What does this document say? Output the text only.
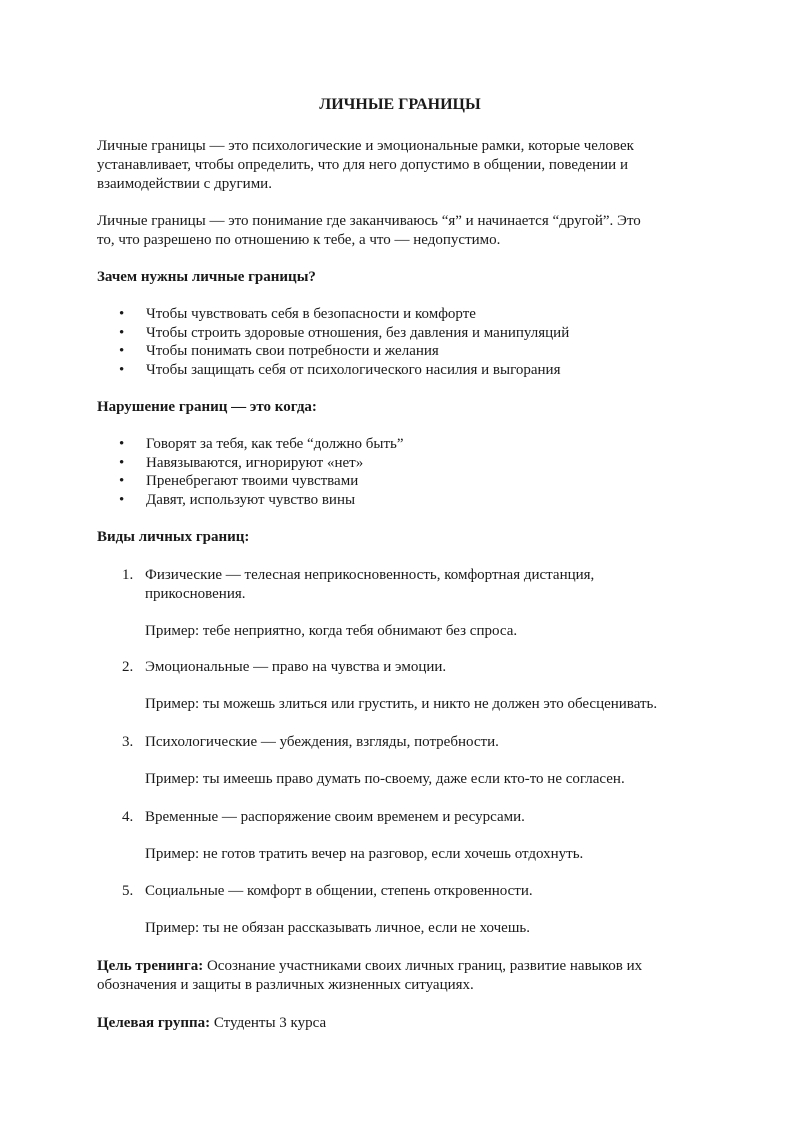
ЛИЧНЫЕ ГРАНИЦЫ
Личные границы — это психологические и эмоциональные рамки, которые человек
устанавливает, чтобы определить, что для него допустимо в общении, поведении и
взаимодействии с другими.
Личные границы — это понимание где заканчиваюсь “я” и начинается “другой”. Это
то, что разрешено по отношению к тебе, а что — недопустимо.
Зачем нужны личные границы?
• Чтобы чувствовать себя в безопасности и комфорте
• Чтобы строить здоровые отношения, без давления и манипуляций
• Чтобы понимать свои потребности и желания
• Чтобы защищать себя от психологического насилия и выгорания
Нарушение границ — это когда:
• Говорят за тебя, как тебе “должно быть”
• Навязываются, игнорируют «нет»
• Пренебрегают твоими чувствами
• Давят, используют чувство вины
Виды личных границ:
1. Физические — телесная неприкосновенность, комфортная дистанция,
прикосновения.
Пример: тебе неприятно, когда тебя обнимают без спроса.
2. Эмоциональные — право на чувства и эмоции.
Пример: ты можешь злиться или грустить, и никто не должен это обесценивать.
3. Психологические — убеждения, взгляды, потребности.
Пример: ты имеешь право думать по-своему, даже если кто-то не согласен.
4. Временные — распоряжение своим временем и ресурсами.
Пример: не готов тратить вечер на разговор, если хочешь отдохнуть.
5. Социальные — комфорт в общении, степень откровенности.
Пример: ты не обязан рассказывать личное, если не хочешь.
Цель тренинга: Осознание участниками своих личных границ, развитие навыков их
обозначения и защиты в различных жизненных ситуациях.
Целевая группа: Студенты 3 курса
